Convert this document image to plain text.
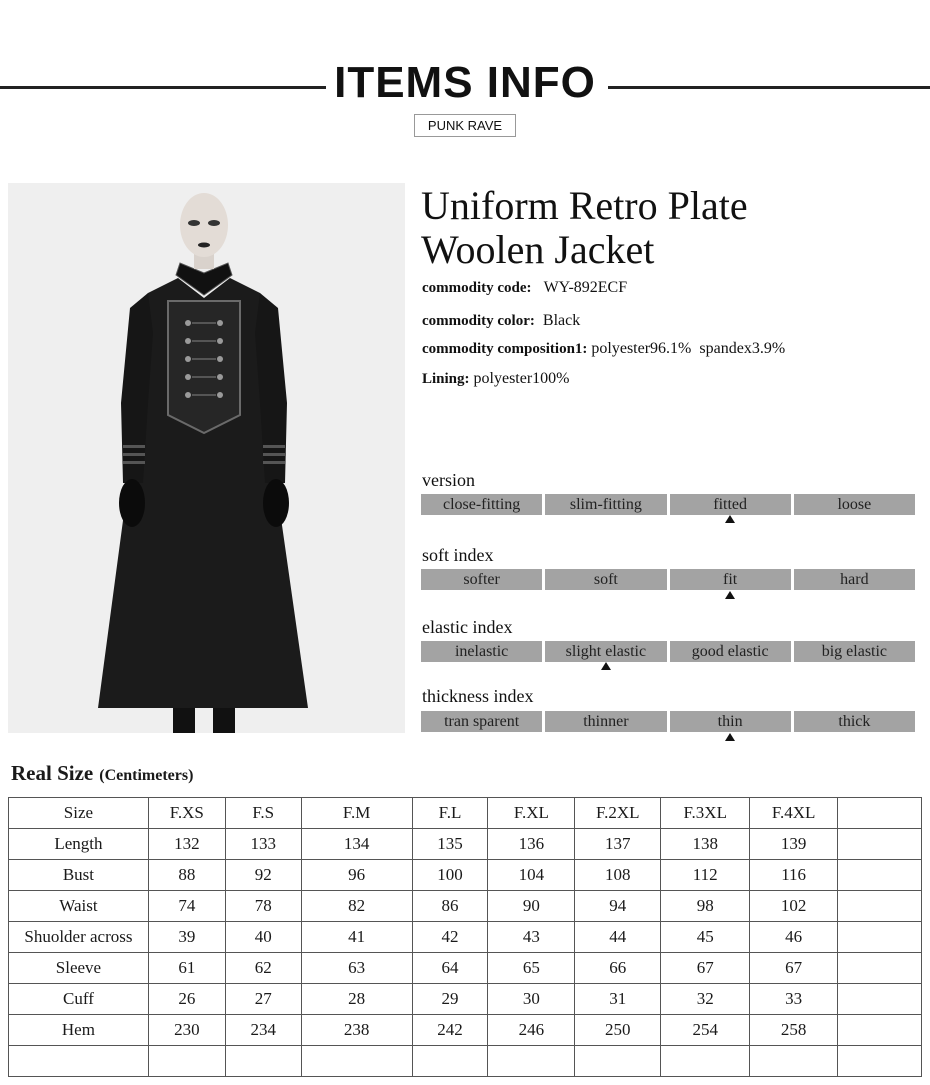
ITEMS INFO
PUNK RAVE
Uniform Retro Plate
Woolen Jacket
commodity code: WY-892ECF
commodity color: Black
commodity composition1: polyester96.1%  spandex3.9%
Lining: polyester100%
version
close-fitting	slim-fitting	fitted	loose
soft index
softer	soft	fit	hard
elastic index
inelastic	slight elastic	good elastic	big elastic
thickness index
tran sparent	thinner	thin	thick
Real Size (Centimeters)
Size	F.XS	F.S	F.M	F.L	F.XL	F.2XL	F.3XL	F.4XL	
Length	132	133	134	135	136	137	138	139	
Bust	88	92	96	100	104	108	112	116	
Waist	74	78	82	86	90	94	98	102	
Shuolder across	39	40	41	42	43	44	45	46	
Sleeve	61	62	63	64	65	66	67	67	
Cuff	26	27	28	29	30	31	32	33	
Hem	230	234	238	242	246	250	254	258	
